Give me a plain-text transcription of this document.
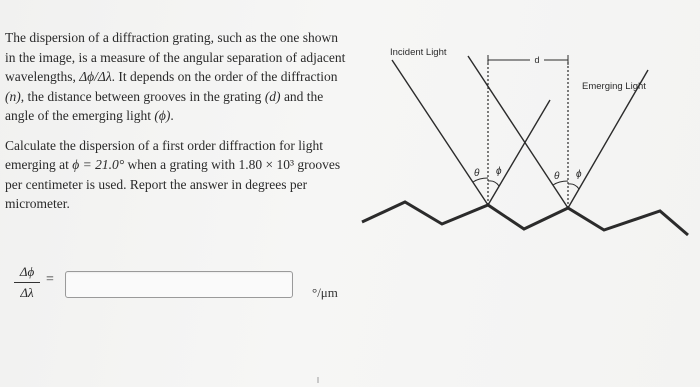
The dispersion of a diffraction grating, such as the one shown in the image, is a measure of the angular separation of adjacent wavelengths, Δϕ/Δλ. It depends on the order of the diffraction (n), the distance between grooves in the grating (d) and the angle of the emerging light (ϕ).

Calculate the dispersion of a first order diffraction for light emerging at ϕ = 21.0° when a grating with 1.80 × 10³ grooves per centimeter is used. Report the answer in degrees per micrometer.

Δϕ
Δλ
=
°/μm
d
θ ϕ	θ ϕ
Incident Light
Emerging Light
